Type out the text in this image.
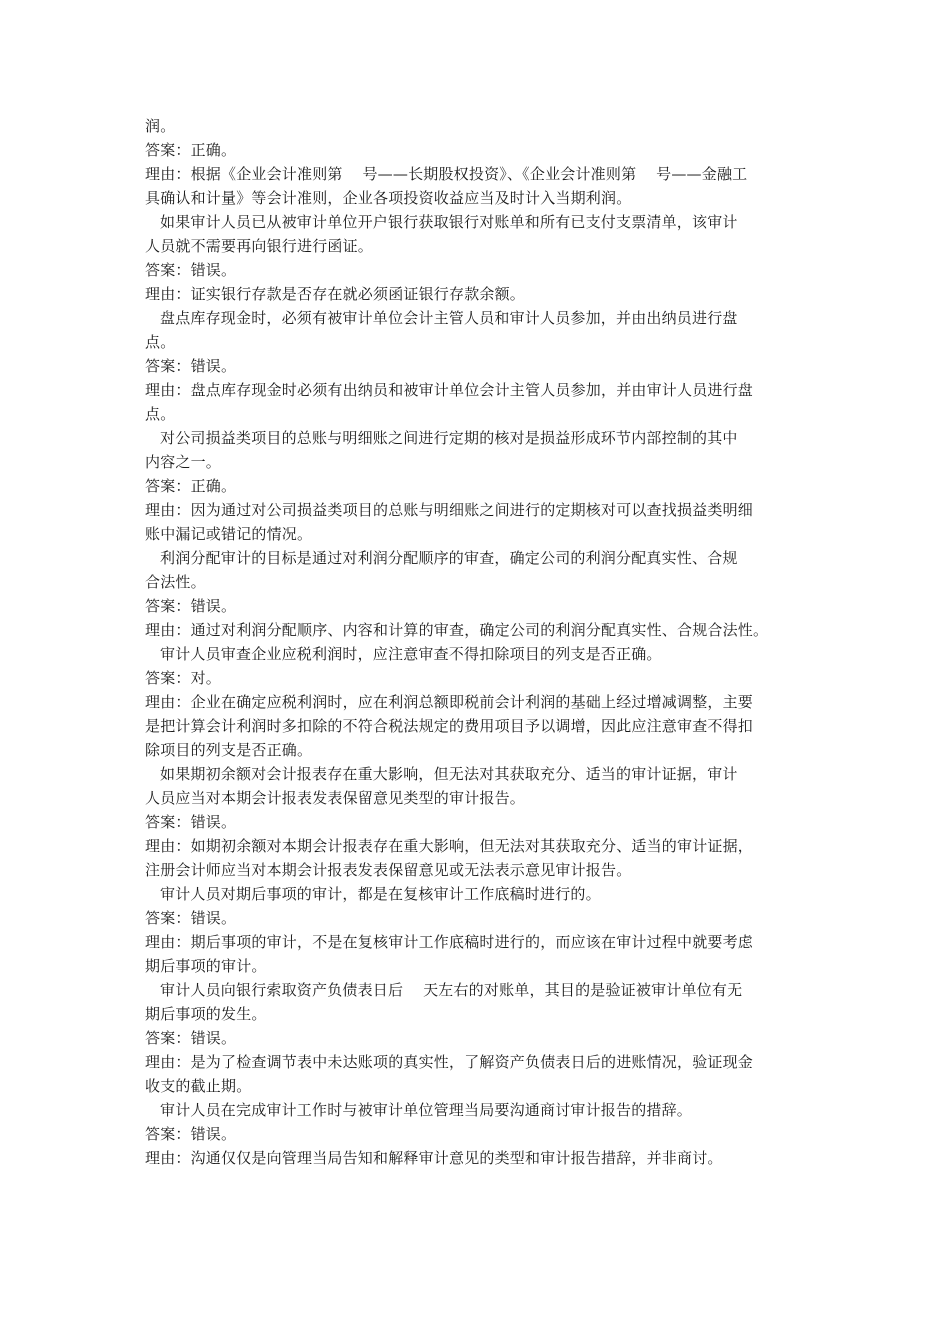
润。
答案：正确。
理由：根据《企业会计准则第    号——长期股权投资》、《企业会计准则第    号——金融工
具确认和计量》等会计准则，企业各项投资收益应当及时计入当期利润。
如果审计人员已从被审计单位开户银行获取银行对账单和所有已支付支票清单，该审计
人员就不需要再向银行进行函证。
答案：错误。
理由：证实银行存款是否存在就必须函证银行存款余额。
盘点库存现金时，必须有被审计单位会计主管人员和审计人员参加，并由出纳员进行盘
点。
答案：错误。
理由：盘点库存现金时必须有出纳员和被审计单位会计主管人员参加，并由审计人员进行盘
点。
对公司损益类项目的总账与明细账之间进行定期的核对是损益形成环节内部控制的其中
内容之一。
答案：正确。
理由：因为通过对公司损益类项目的总账与明细账之间进行的定期核对可以查找损益类明细
账中漏记或错记的情况。
利润分配审计的目标是通过对利润分配顺序的审查，确定公司的利润分配真实性、合规
合法性。
答案：错误。
理由：通过对利润分配顺序、内容和计算的审查，确定公司的利润分配真实性、合规合法性。
审计人员审查企业应税利润时，应注意审查不得扣除项目的列支是否正确。
答案：对。
理由：企业在确定应税利润时，应在利润总额即税前会计利润的基础上经过增减调整，主要
是把计算会计利润时多扣除的不符合税法规定的费用项目予以调增，因此应注意审查不得扣
除项目的列支是否正确。
如果期初余额对会计报表存在重大影响，但无法对其获取充分、适当的审计证据，审计
人员应当对本期会计报表发表保留意见类型的审计报告。
答案：错误。
理由：如期初余额对本期会计报表存在重大影响，但无法对其获取充分、适当的审计证据，
注册会计师应当对本期会计报表发表保留意见或无法表示意见审计报告。
审计人员对期后事项的审计，都是在复核审计工作底稿时进行的。
答案：错误。
理由：期后事项的审计，不是在复核审计工作底稿时进行的，而应该在审计过程中就要考虑
期后事项的审计。
审计人员向银行索取资产负债表日后    天左右的对账单，其目的是验证被审计单位有无
期后事项的发生。
答案：错误。
理由：是为了检查调节表中未达账项的真实性，了解资产负债表日后的进账情况，验证现金
收支的截止期。
审计人员在完成审计工作时与被审计单位管理当局要沟通商讨审计报告的措辞。
答案：错误。
理由：沟通仅仅是向管理当局告知和解释审计意见的类型和审计报告措辞，并非商讨。
